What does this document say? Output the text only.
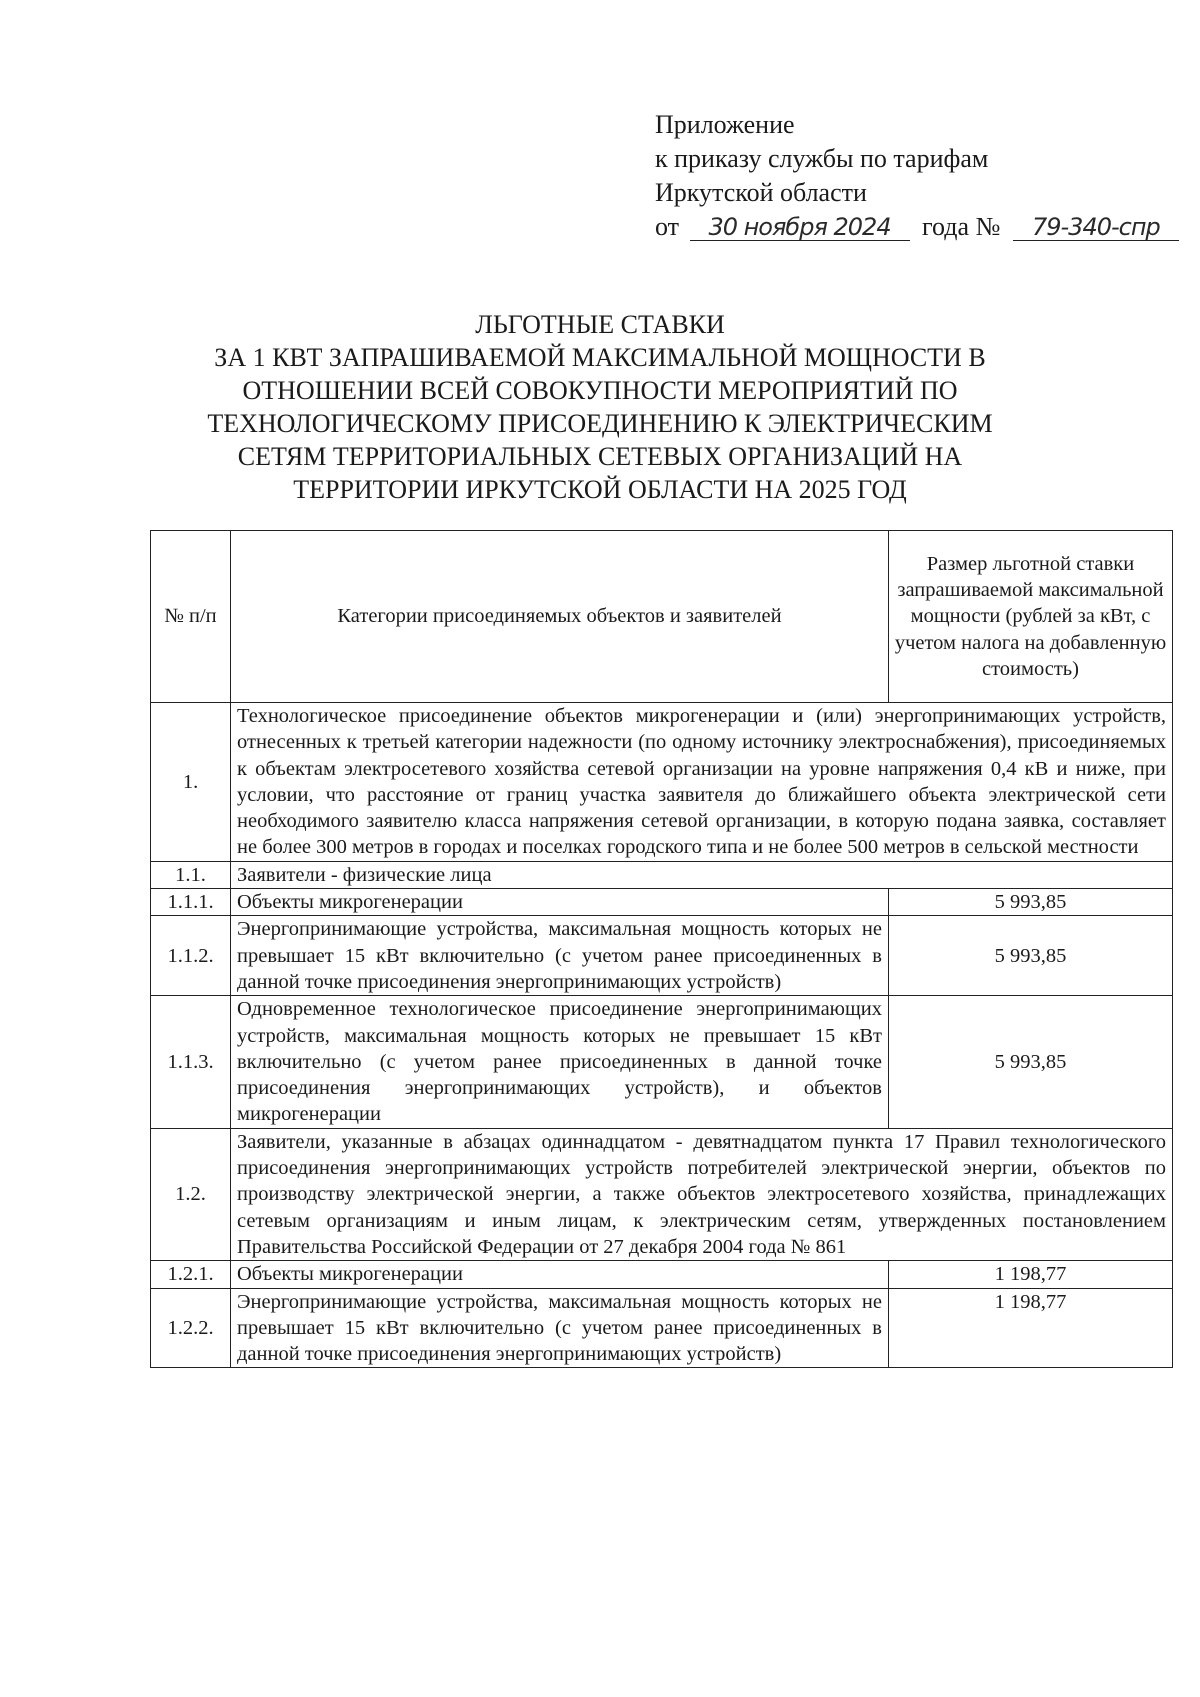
Приложение
к приказу службы по тарифам
Иркутской области
от 30 ноября 2024 года № 79-340-спр
ЛЬГОТНЫЕ СТАВКИ
ЗА 1 КВТ ЗАПРАШИВАЕМОЙ МАКСИМАЛЬНОЙ МОЩНОСТИ В
ОТНОШЕНИИ ВСЕЙ СОВОКУПНОСТИ МЕРОПРИЯТИЙ ПО
ТЕХНОЛОГИЧЕСКОМУ ПРИСОЕДИНЕНИЮ К ЭЛЕКТРИЧЕСКИМ
СЕТЯМ ТЕРРИТОРИАЛЬНЫХ СЕТЕВЫХ ОРГАНИЗАЦИЙ НА
ТЕРРИТОРИИ ИРКУТСКОЙ ОБЛАСТИ НА 2025 ГОД
№ п/п	Категории присоединяемых объектов и заявителей	Размер льготной ставки запрашиваемой максимальной мощности (рублей за кВт, с учетом налога на добавленную стоимость)
1.	Технологическое присоединение объектов микрогенерации и (или) энергопринимающих устройств, отнесенных к третьей категории надежности (по одному источнику электроснабжения), присоединяемых к объектам электросетевого хозяйства сетевой организации на уровне напряжения 0,4 кВ и ниже, при условии, что расстояние от границ участка заявителя до ближайшего объекта электрической сети необходимого заявителю класса напряжения сетевой организации, в которую подана заявка, составляет не более 300 метров в городах и поселках городского типа и не более 500 метров в сельской местности	
1.1.	Заявители - физические лица	
1.1.1.	Объекты микрогенерации	5 993,85
1.1.2.	Энергопринимающие устройства, максимальная мощность которых не превышает 15 кВт включительно (с учетом ранее присоединенных в данной точке присоединения энергопринимающих устройств)	5 993,85
1.1.3.	Одновременное технологическое присоединение энергопринимающих устройств, максимальная мощность которых не превышает 15 кВт включительно (с учетом ранее присоединенных в данной точке присоединения энергопринимающих устройств), и объектов микрогенерации	5 993,85
1.2.	Заявители, указанные в абзацах одиннадцатом - девятнадцатом пункта 17 Правил технологического присоединения энергопринимающих устройств потребителей электрической энергии, объектов по производству электрической энергии, а также объектов электросетевого хозяйства, принадлежащих сетевым организациям и иным лицам, к электрическим сетям, утвержденных постановлением Правительства Российской Федерации от 27 декабря 2004 года № 861	
1.2.1.	Объекты микрогенерации	1 198,77
1.2.2.	Энергопринимающие устройства, максимальная мощность которых не превышает 15 кВт включительно (с учетом ранее присоединенных в данной точке присоединения энергопринимающих устройств)	1 198,77
